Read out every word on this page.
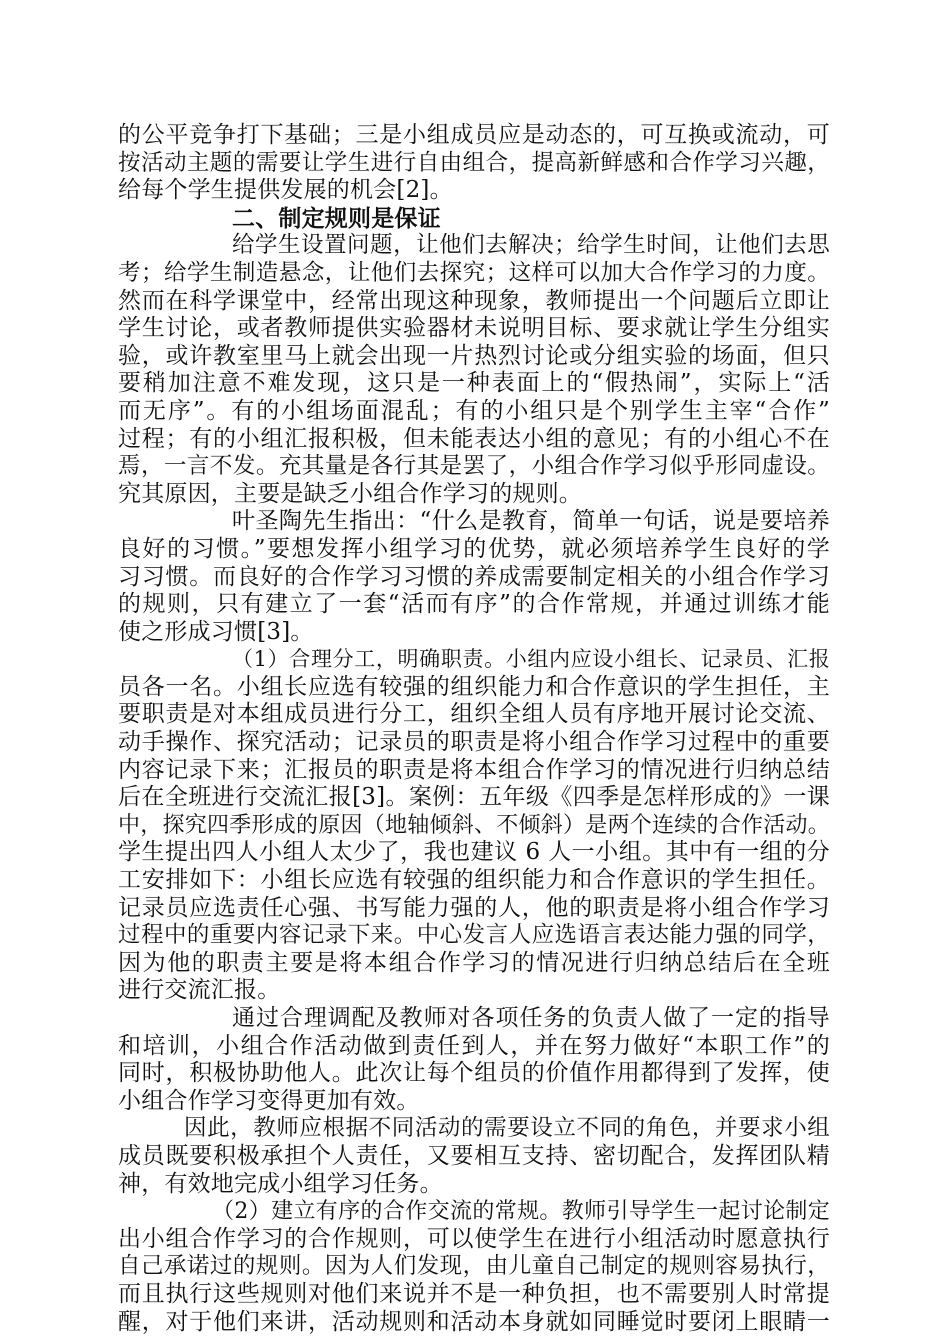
的公平竞争打下基础；三是小组成员应是动态的，可互换或流动，可
按活动主题的需要让学生进行自由组合，提高新鲜感和合作学习兴趣，
给每个学生提供发展的机会[2]。
二、制定规则是保证
给学生设置问题，让他们去解决；给学生时间，让他们去思
考；给学生制造悬念，让他们去探究；这样可以加大合作学习的力度。
然而在科学课堂中，经常出现这种现象，教师提出一个问题后立即让
学生讨论，或者教师提供实验器材未说明目标、要求就让学生分组实
验，或许教室里马上就会出现一片热烈讨论或分组实验的场面，但只
要稍加注意不难发现，这只是一种表面上的“假热闹”，实际上“活
而无序”。有的小组场面混乱；有的小组只是个别学生主宰“合作”
过程；有的小组汇报积极，但未能表达小组的意见；有的小组心不在
焉，一言不发。充其量是各行其是罢了，小组合作学习似乎形同虚设。
究其原因，主要是缺乏小组合作学习的规则。
叶圣陶先生指出：“什么是教育，简单一句话，说是要培养
良好的习惯。”要想发挥小组学习的优势，就必须培养学生良好的学
习习惯。而良好的合作学习习惯的养成需要制定相关的小组合作学习
的规则，只有建立了一套“活而有序”的合作常规，并通过训练才能
使之形成习惯[3]。
（1）合理分工，明确职责。小组内应设小组长、记录员、汇报
员各一名。小组长应选有较强的组织能力和合作意识的学生担任，主
要职责是对本组成员进行分工，组织全组人员有序地开展讨论交流、
动手操作、探究活动；记录员的职责是将小组合作学习过程中的重要
内容记录下来；汇报员的职责是将本组合作学习的情况进行归纳总结
后在全班进行交流汇报[3]。案例：五年级《四季是怎样形成的》一课
中，探究四季形成的原因（地轴倾斜、不倾斜）是两个连续的合作活动。
学生提出四人小组人太少了，我也建议 6 人一小组。其中有一组的分
工安排如下：小组长应选有较强的组织能力和合作意识的学生担任。
记录员应选责任心强、书写能力强的人，他的职责是将小组合作学习
过程中的重要内容记录下来。中心发言人应选语言表达能力强的同学，
因为他的职责主要是将本组合作学习的情况进行归纳总结后在全班
进行交流汇报。
通过合理调配及教师对各项任务的负责人做了一定的指导
和培训，小组合作活动做到责任到人，并在努力做好“本职工作”的
同时，积极协助他人。此次让每个组员的价值作用都得到了发挥，使
小组合作学习变得更加有效。
因此，教师应根据不同活动的需要设立不同的角色，并要求小组
成员既要积极承担个人责任，又要相互支持、密切配合，发挥团队精
神，有效地完成小组学习任务。
（2）建立有序的合作交流的常规。教师引导学生一起讨论制定
出小组合作学习的合作规则，可以使学生在进行小组活动时愿意执行
自己承诺过的规则。因为人们发现，由儿童自己制定的规则容易执行，
而且执行这些规则对他们来说并不是一种负担，也不需要别人时常提
醒，对于他们来讲，活动规则和活动本身就如同睡觉时要闭上眼睛一
